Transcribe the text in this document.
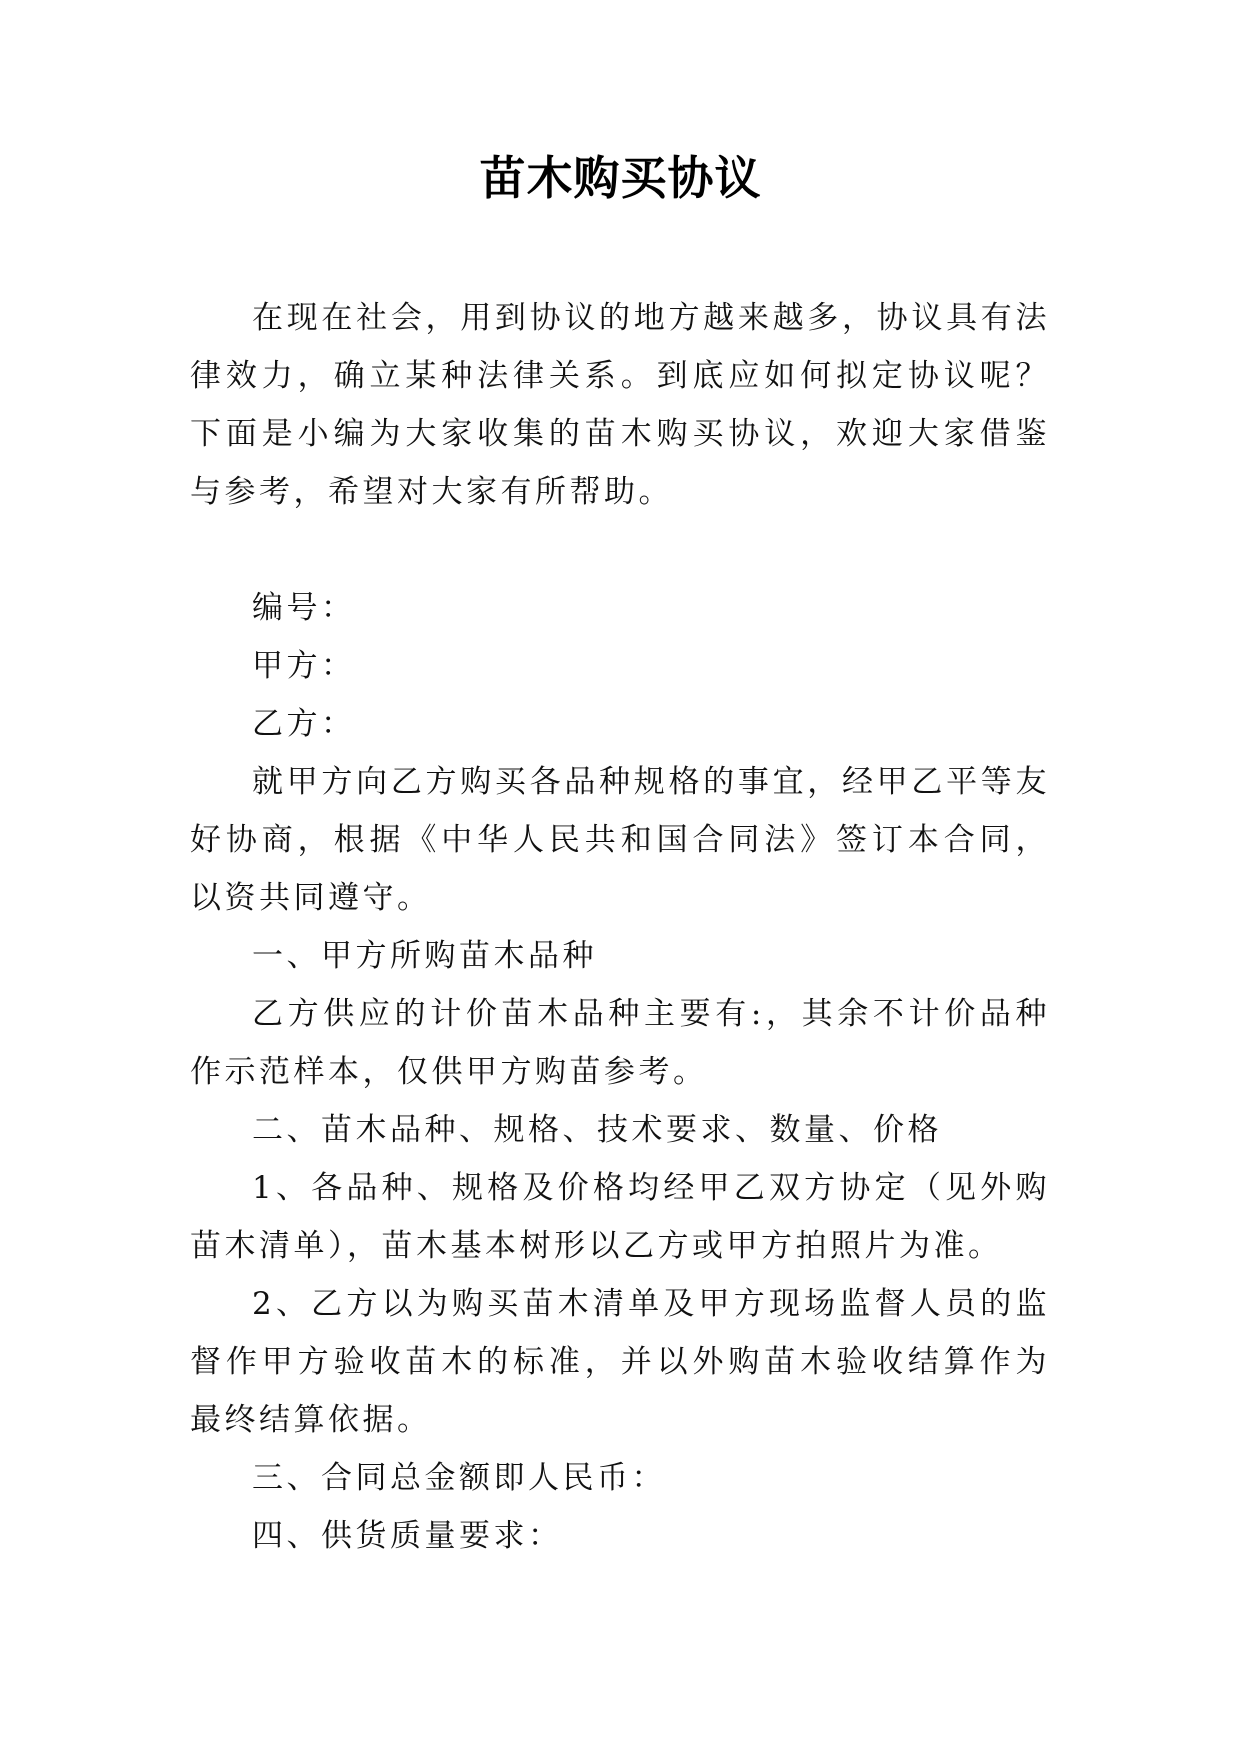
苗木购买协议

在现在社会，用到协议的地方越来越多，协议具有法律效力，确立某种法律关系。到底应如何拟定协议呢？下面是小编为大家收集的苗木购买协议，欢迎大家借鉴与参考，希望对大家有所帮助。

编号：

甲方：

乙方：

就甲方向乙方购买各品种规格的事宜，经甲乙平等友好协商，根据《中华人民共和国合同法》签订本合同，以资共同遵守。

一、甲方所购苗木品种

乙方供应的计价苗木品种主要有:，其余不计价品种作示范样本，仅供甲方购苗参考。

二、苗木品种、规格、技术要求、数量、价格

1、各品种、规格及价格均经甲乙双方协定（见外购苗木清单），苗木基本树形以乙方或甲方拍照片为准。

2、乙方以为购买苗木清单及甲方现场监督人员的监督作甲方验收苗木的标准，并以外购苗木验收结算作为最终结算依据。

三、合同总金额即人民币：

四、供货质量要求：
